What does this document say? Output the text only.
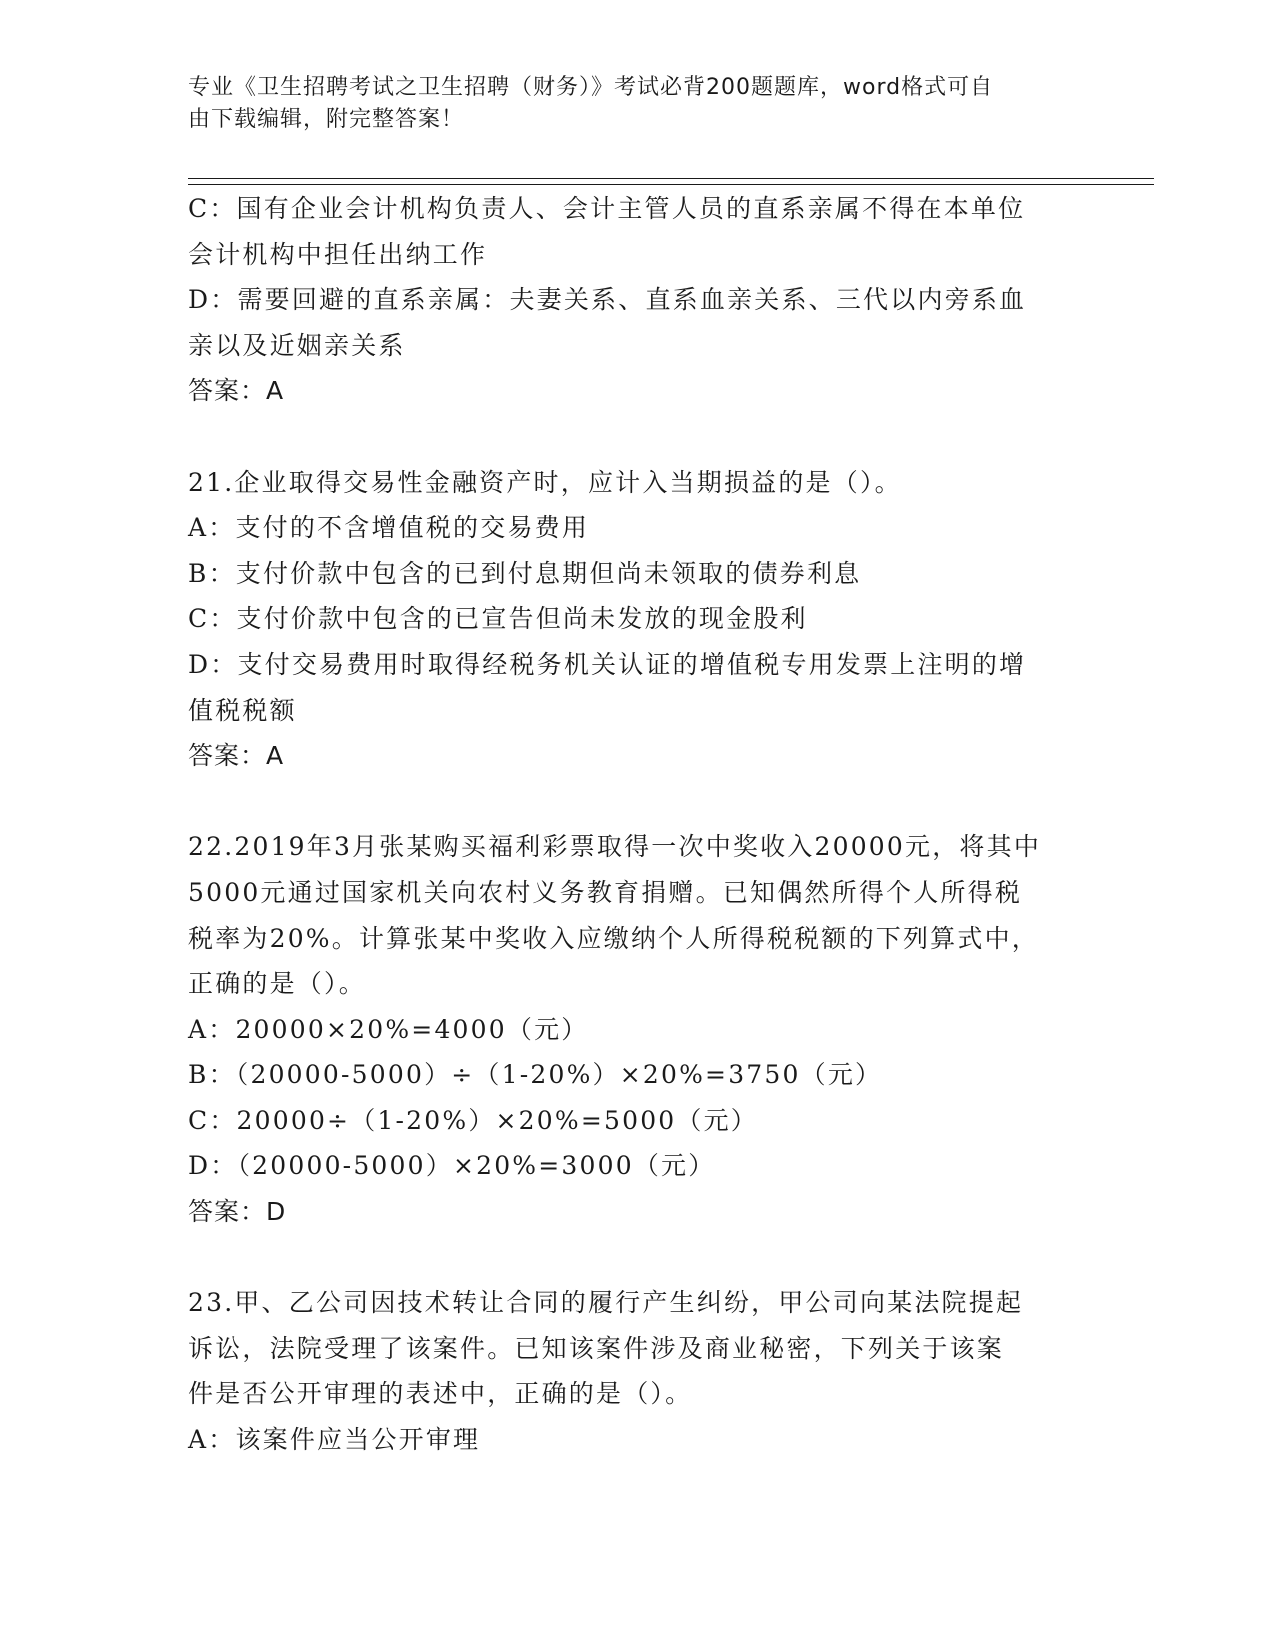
专业《卫生招聘考试之卫生招聘（财务）》考试必背200题题库，word格式可自
由下载编辑，附完整答案！
C：国有企业会计机构负责人、会计主管人员的直系亲属不得在本单位
会计机构中担任出纳工作
D：需要回避的直系亲属：夫妻关系、直系血亲关系、三代以内旁系血
亲以及近姻亲关系
答案：A
21.企业取得交易性金融资产时，应计入当期损益的是（）。
A：支付的不含增值税的交易费用
B：支付价款中包含的已到付息期但尚未领取的债券利息
C：支付价款中包含的已宣告但尚未发放的现金股利
D：支付交易费用时取得经税务机关认证的增值税专用发票上注明的增
值税税额
答案：A
22.2019年3月张某购买福利彩票取得一次中奖收入20000元，将其中
5000元通过国家机关向农村义务教育捐赠。已知偶然所得个人所得税
税率为20%。计算张某中奖收入应缴纳个人所得税税额的下列算式中，
正确的是（）。
A：20000×20%=4000（元）
B：（20000-5000）÷（1-20%）×20%=3750（元）
C：20000÷（1-20%）×20%=5000（元）
D：（20000-5000）×20%=3000（元）
答案：D
23.甲、乙公司因技术转让合同的履行产生纠纷，甲公司向某法院提起
诉讼，法院受理了该案件。已知该案件涉及商业秘密，下列关于该案
件是否公开审理的表述中，正确的是（）。
A：该案件应当公开审理
